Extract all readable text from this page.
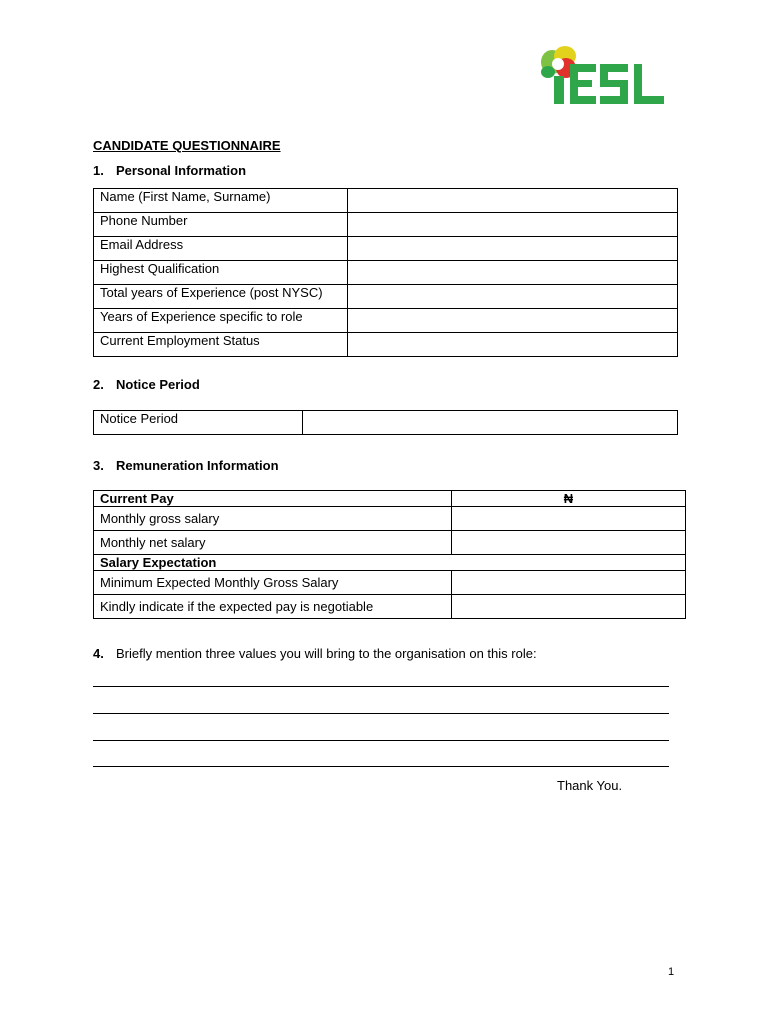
CANDIDATE QUESTIONNAIRE
1. Personal Information
Name (First Name, Surname)	
Phone Number	
Email Address	
Highest Qualification	
Total years of Experience (post NYSC)	
Years of Experience specific to role	
Current Employment Status	
2. Notice Period
Notice Period	
3. Remuneration Information
Current Pay	₦
Monthly gross salary	
Monthly net salary	
Salary Expectation	
Minimum Expected Monthly Gross Salary	
Kindly indicate if the expected pay is negotiable	
4. Briefly mention three values you will bring to the organisation on this role:
Thank You.
1
